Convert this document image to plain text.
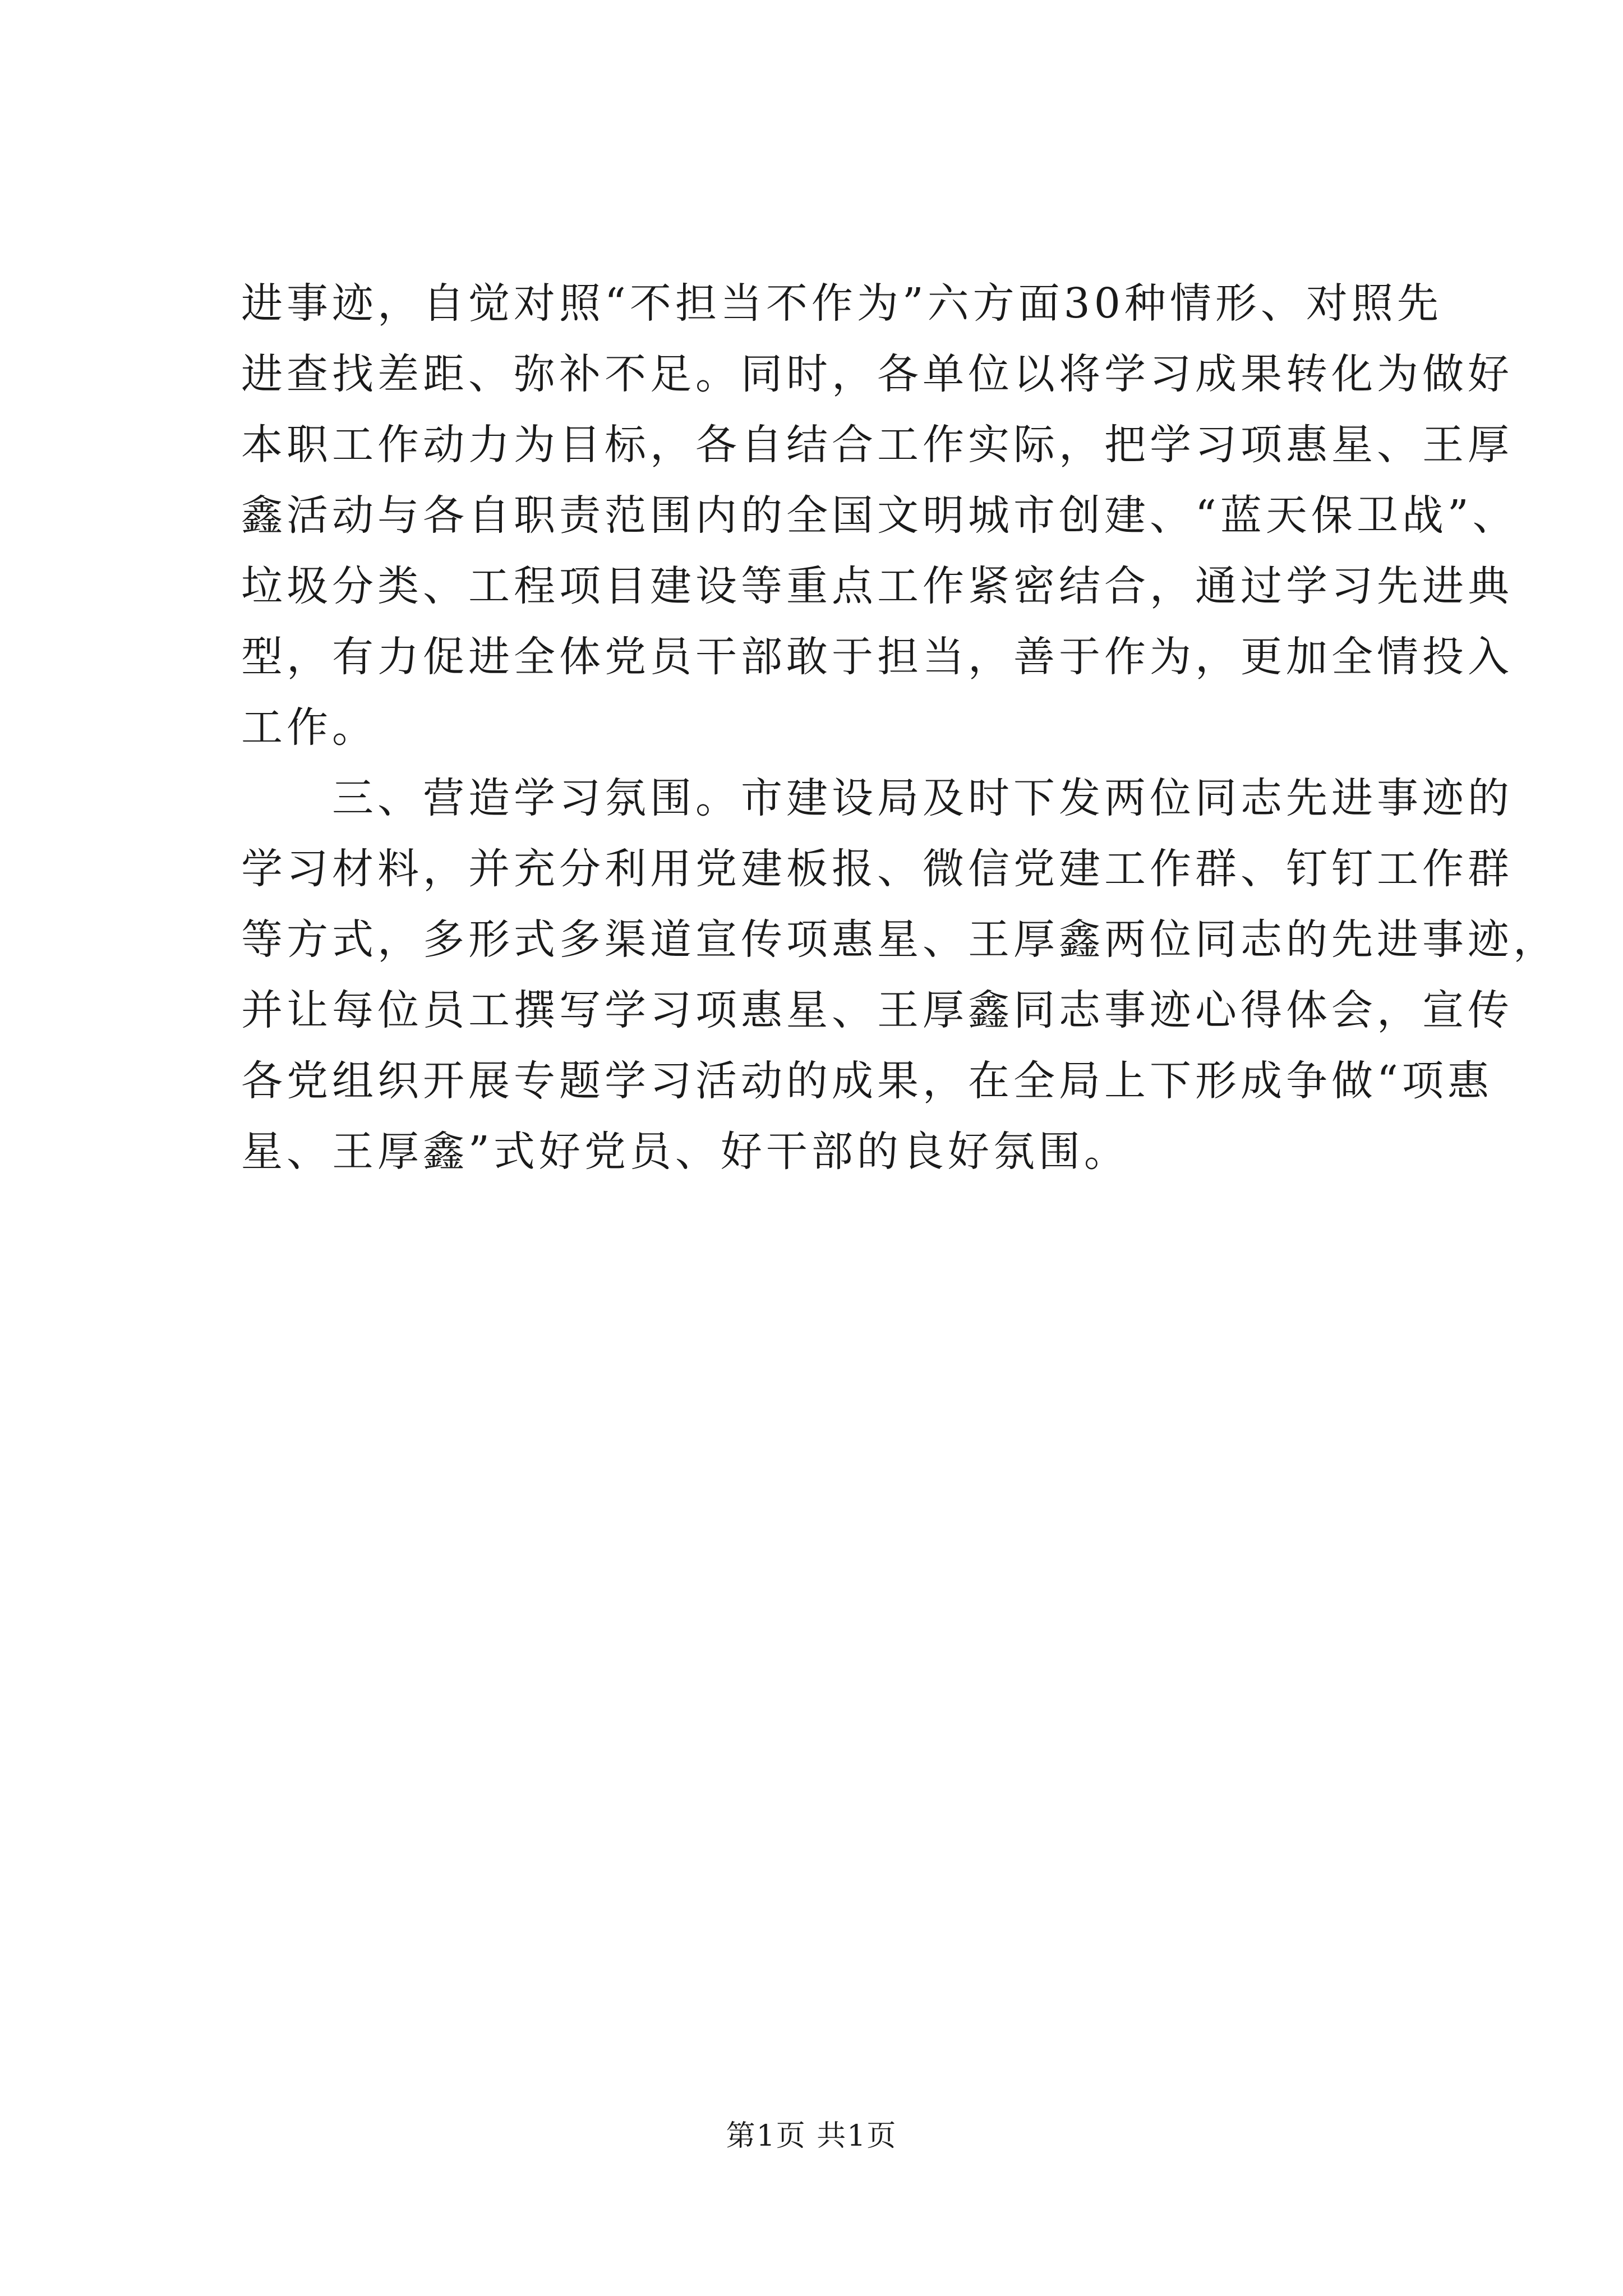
进事迹，自觉对照“不担当不作为”六方面30种情形、对照先
进查找差距、弥补不足。同时，各单位以将学习成果转化为做好
本职工作动力为目标，各自结合工作实际，把学习项惠星、王厚
鑫活动与各自职责范围内的全国文明城市创建、“蓝天保卫战”、
垃圾分类、工程项目建设等重点工作紧密结合，通过学习先进典
型，有力促进全体党员干部敢于担当，善于作为，更加全情投入
工作。
　　三、营造学习氛围。市建设局及时下发两位同志先进事迹的
学习材料，并充分利用党建板报、微信党建工作群、钉钉工作群
等方式，多形式多渠道宣传项惠星、王厚鑫两位同志的先进事迹，
并让每位员工撰写学习项惠星、王厚鑫同志事迹心得体会，宣传
各党组织开展专题学习活动的成果，在全局上下形成争做“项惠
星、王厚鑫”式好党员、好干部的良好氛围。
第1页 共1页
